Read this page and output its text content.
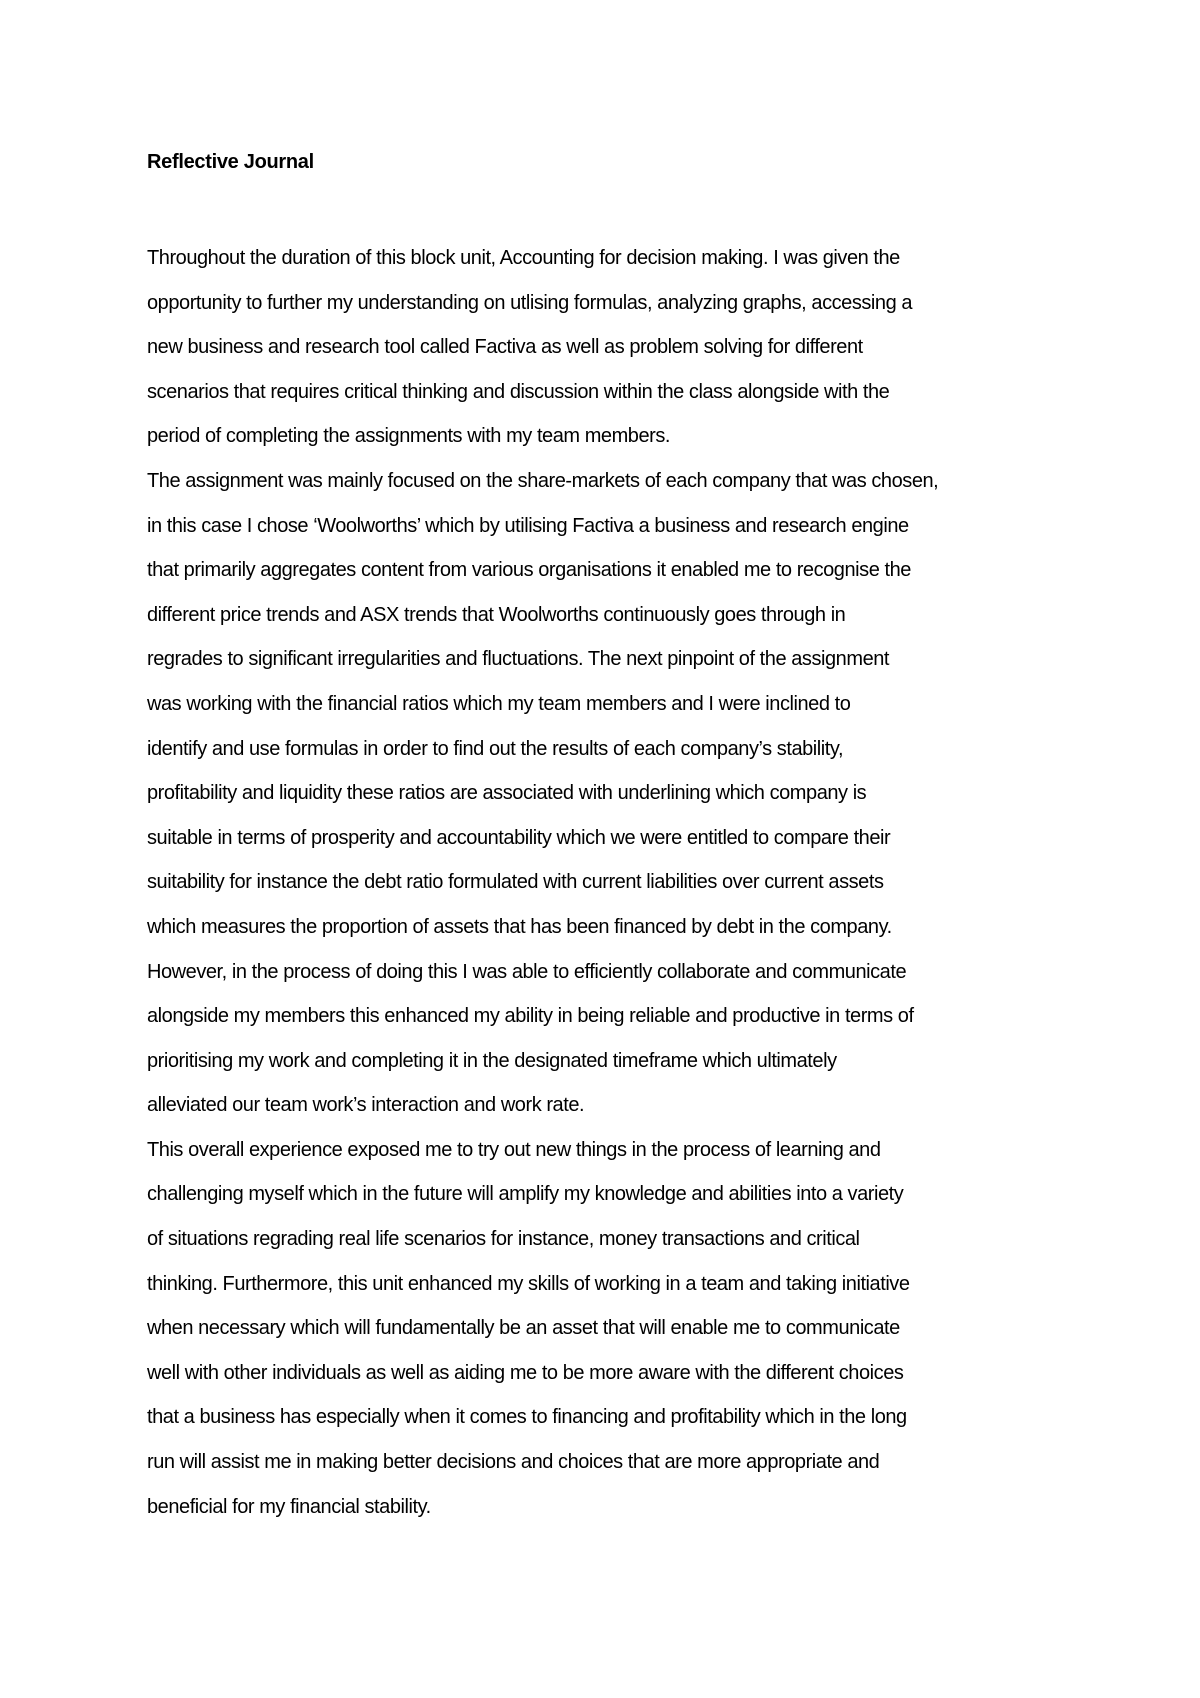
Reflective Journal
Throughout the duration of this block unit, Accounting for decision making. I was given the
opportunity to further my understanding on utlising formulas, analyzing graphs, accessing a
new business and research tool called Factiva as well as problem solving for different
scenarios that requires critical thinking and discussion within the class alongside with the
period of completing the assignments with my team members.
The assignment was mainly focused on the share-markets of each company that was chosen,
in this case I chose ‘Woolworths’ which by utilising Factiva a business and research engine
that primarily aggregates content from various organisations it enabled me to recognise the
different price trends and ASX trends that Woolworths continuously goes through in
regrades to significant irregularities and fluctuations. The next pinpoint of the assignment
was working with the financial ratios which my team members and I were inclined to
identify and use formulas in order to find out the results of each company’s stability,
profitability and liquidity these ratios are associated with underlining which company is
suitable in terms of prosperity and accountability which we were entitled to compare their
suitability for instance the debt ratio formulated with current liabilities over current assets
which measures the proportion of assets that has been financed by debt in the company.
However, in the process of doing this I was able to efficiently collaborate and communicate
alongside my members this enhanced my ability in being reliable and productive in terms of
prioritising my work and completing it in the designated timeframe which ultimately
alleviated our team work’s interaction and work rate.
This overall experience exposed me to try out new things in the process of learning and
challenging myself which in the future will amplify my knowledge and abilities into a variety
of situations regrading real life scenarios for instance, money transactions and critical
thinking. Furthermore, this unit enhanced my skills of working in a team and taking initiative
when necessary which will fundamentally be an asset that will enable me to communicate
well with other individuals as well as aiding me to be more aware with the different choices
that a business has especially when it comes to financing and profitability which in the long
run will assist me in making better decisions and choices that are more appropriate and
beneficial for my financial stability.
